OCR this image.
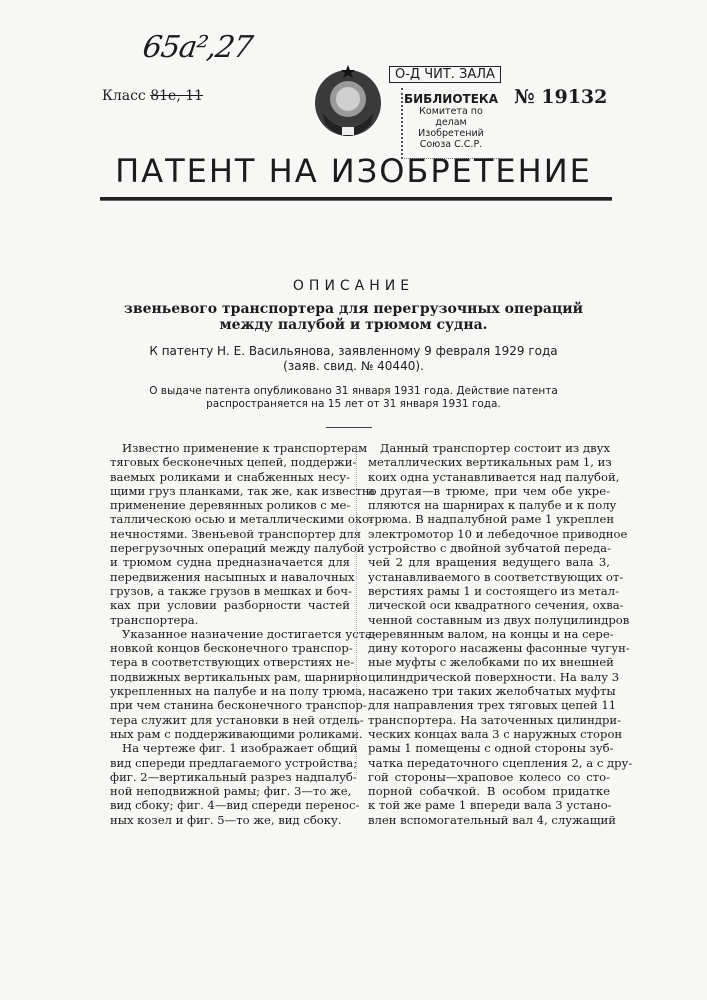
65a²,27
Класс 81е, 11	БИБЛИОТЕКА
Комитета по
делам Изобретений
Союза С.С.Р.
О-Д ЧИТ. ЗАЛА
№ 19132
ПАТЕНТ НА ИЗОБРЕТЕНИЕ
ОПИСАНИЕ
звеньевого транспортера для перегрузочных операций
между палубой и трюмом судна.
К патенту Н. Е. Васильянова, заявленному 9 февраля 1929 года
(заяв. свид. № 40440).
О выдаче патента опубликовано 31 января 1931 года. Действие патента
распространяется на 15 лет от 31 января 1931 года.
Известно применение к транспортерам
тяговых бесконечных цепей, поддержи-
ваемых роликами и снабженных несу-
щими груз планками, так же, как известно
применение деревянных роликов с ме-
таллическою осью и металлическими око-
нечностями. Звеньевой транспортер для
перегрузочных операций между палубой
и трюмом судна предназначается для
передвижения насыпных и навалочных
грузов, а также грузов в мешках и боч-
ках при условии разборности частей
транспортера.
Указанное назначение достигается уста-
новкой концов бесконечного транспор-
тера в соответствующих отверстиях не-
подвижных вертикальных рам, шарнирно
укрепленных на палубе и на полу трюма,
при чем станина бесконечного транспор-
тера служит для установки в ней отдель-
ных рам с поддерживающими роликами.
На чертеже фиг. 1 изображает общий
вид спереди предлагаемого устройства;
фиг. 2—вертикальный разрез надпалуб-
ной неподвижной рамы; фиг. 3—то же,
вид сбоку; фиг. 4—вид спереди перенос-
ных козел и фиг. 5—то же, вид сбоку.
Данный транспортер состоит из двух
металлических вертикальных рам 1, из
коих одна устанавливается над палубой,
а другая—в трюме, при чем обе укре-
пляются на шарнирах к палубе и к полу
трюма. В надпалубной раме 1 укреплен
электромотор 10 и лебедочное приводное
устройство с двойной зубчатой переда-
чей 2 для вращения ведущего вала 3,
устанавливаемого в соответствующих от-
верстиях рамы 1 и состоящего из метал-
лической оси квадратного сечения, охва-
ченной составным из двух полуцилиндров
деревянным валом, на концы и на сере-
дину которого насажены фасонные чугун-
ные муфты с желобками по их внешней
цилиндрической поверхности. На валу 3
насажено три таких желобчатых муфты
для направления трех тяговых цепей 11
транспортера. На заточенных цилиндри-
ческих концах вала 3 с наружных сторон
рамы 1 помещены с одной стороны зуб-
чатка передаточного сцепления 2, а с дру-
гой стороны—храповое колесо со сто-
порной собачкой. В особом придатке
к той же раме 1 впереди вала 3 устано-
влен вспомогательный вал 4, служащий
